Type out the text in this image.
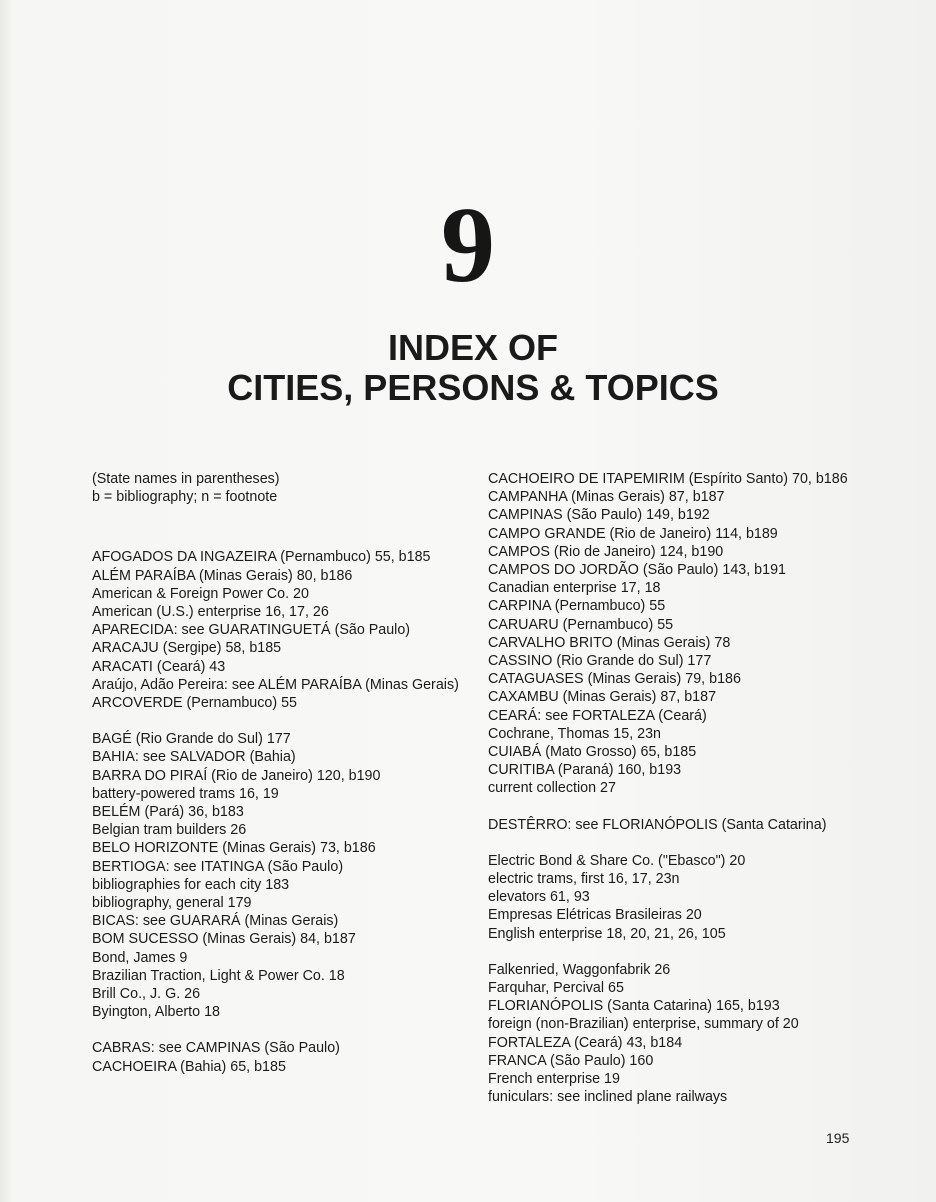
9
INDEX OF
CITIES, PERSONS & TOPICS
(State names in parentheses)
b = bibliography; n = footnote
AFOGADOS DA INGAZEIRA (Pernambuco) 55, b185
ALÉM PARAÍBA (Minas Gerais) 80, b186
American & Foreign Power Co. 20
American (U.S.) enterprise 16, 17, 26
APARECIDA: see GUARATINGUETÁ (São Paulo)
ARACAJU (Sergipe) 58, b185
ARACATI (Ceará) 43
Araújo, Adão Pereira: see ALÉM PARAÍBA (Minas Gerais)
ARCOVERDE (Pernambuco) 55
BAGÉ (Rio Grande do Sul) 177
BAHIA: see SALVADOR (Bahia)
BARRA DO PIRAÍ (Rio de Janeiro) 120, b190
battery-powered trams 16, 19
BELÉM (Pará) 36, b183
Belgian tram builders 26
BELO HORIZONTE (Minas Gerais) 73, b186
BERTIOGA: see ITATINGA (São Paulo)
bibliographies for each city 183
bibliography, general 179
BICAS: see GUARARÁ (Minas Gerais)
BOM SUCESSO (Minas Gerais) 84, b187
Bond, James 9
Brazilian Traction, Light & Power Co. 18
Brill Co., J. G. 26
Byington, Alberto 18
CABRAS: see CAMPINAS (São Paulo)
CACHOEIRA (Bahia) 65, b185
CACHOEIRO DE ITAPEMIRIM (Espírito Santo) 70, b186
CAMPANHA (Minas Gerais) 87, b187
CAMPINAS (São Paulo) 149, b192
CAMPO GRANDE (Rio de Janeiro) 114, b189
CAMPOS (Rio de Janeiro) 124, b190
CAMPOS DO JORDÃO (São Paulo) 143, b191
Canadian enterprise 17, 18
CARPINA (Pernambuco) 55
CARUARU (Pernambuco) 55
CARVALHO BRITO (Minas Gerais) 78
CASSINO (Rio Grande do Sul) 177
CATAGUASES (Minas Gerais) 79, b186
CAXAMBU (Minas Gerais) 87, b187
CEARÁ: see FORTALEZA (Ceará)
Cochrane, Thomas 15, 23n
CUIABÁ (Mato Grosso) 65, b185
CURITIBA (Paraná) 160, b193
current collection 27
DESTÊRRO: see FLORIANÓPOLIS (Santa Catarina)
Electric Bond & Share Co. ("Ebasco") 20
electric trams, first 16, 17, 23n
elevators 61, 93
Empresas Elétricas Brasileiras 20
English enterprise 18, 20, 21, 26, 105
Falkenried, Waggonfabrik 26
Farquhar, Percival 65
FLORIANÓPOLIS (Santa Catarina) 165, b193
foreign (non-Brazilian) enterprise, summary of 20
FORTALEZA (Ceará) 43, b184
FRANCA (São Paulo) 160
French enterprise 19
funiculars: see inclined plane railways
195
